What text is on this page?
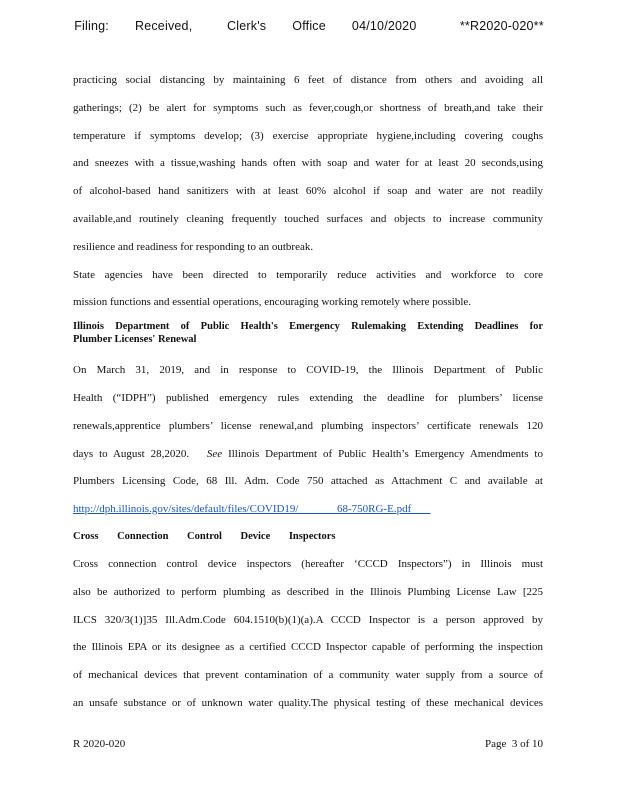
Filing:   Received,    Clerk's   Office   04/10/2020     **R2020-020**
practicing social distancing by maintaining 6 feet of distance from others and avoiding all
gatherings; (2) be alert for symptoms such as fever,cough,or shortness of breath,and take their
temperature if symptoms develop; (3) exercise appropriate hygiene,including covering coughs
and sneezes with a tissue,washing hands often with soap and water for at least 20 seconds,using
of alcohol-based hand sanitizers with at least 60% alcohol if soap and water are not readily
available,and routinely cleaning frequently touched surfaces and objects to increase community
resilience and readiness for responding to an outbreak.
State agencies have been directed to temporarily reduce activities and workforce to core
mission functions and essential operations, encouraging working remotely where possible.
Illinois Department of Public Health's Emergency Rulemaking Extending Deadlines for
Plumber Licenses' Renewal
On March 31, 2019, and in response to COVID-19, the Illinois Department of Public
Health (“IDPH”) published emergency rules extending the deadline for plumbers’ license
renewals,apprentice plumbers’ license renewal,and plumbing inspectors’ certificate renewals 120
days to August 28,2020. See Illinois Department of Public Health’s Emergency Amendments to
Plumbers Licensing Code, 68 Ill. Adm. Code 750 attached as Attachment C and available at
http://dph.illinois.gov/sites/default/files/COVID19/              68-750RG-E.pdf
Cross Connection Control Device Inspectors
Cross connection control device inspectors (hereafter ‘CCCD Inspectors”) in Illinois must
also be authorized to perform plumbing as described in the Illinois Plumbing License Law [225
ILCS 320/3(1)]35 Ill.Adm.Code 604.1510(b)(1)(a).A CCCD Inspector is a person approved by
the Illinois EPA or its designee as a certified CCCD Inspector capable of performing the inspection
of mechanical devices that prevent contamination of a community water supply from a source of
an unsafe substance or of unknown water quality.The physical testing of these mechanical devices
R 2020-020	Page  3 of 10
